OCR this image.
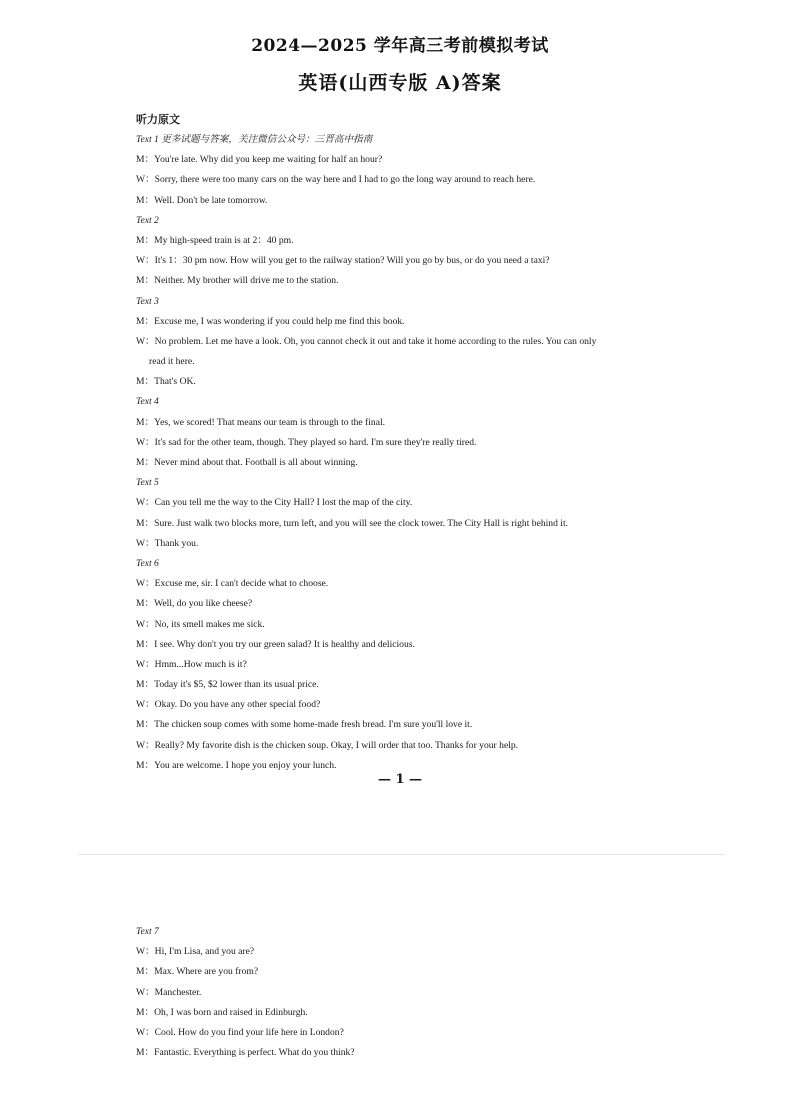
2024—2025 学年高三考前模拟考试
英语(山西专版 A)答案
听力原文
Text 1 更多试题与答案，关注微信公众号：三晋高中指南
M：You're late. Why did you keep me waiting for half an hour?
W：Sorry, there were too many cars on the way here and I had to go the long way around to reach here.
M：Well. Don't be late tomorrow.
Text 2
M：My high-speed train is at 2：40 pm.
W：It's 1：30 pm now. How will you get to the railway station? Will you go by bus, or do you need a taxi?
M：Neither. My brother will drive me to the station.
Text 3
M：Excuse me, I was wondering if you could help me find this book.
W：No problem. Let me have a look. Oh, you cannot check it out and take it home according to the rules. You can only
read it here.
M：That's OK.
Text 4
M：Yes, we scored! That means our team is through to the final.
W：It's sad for the other team, though. They played so hard. I'm sure they're really tired.
M：Never mind about that. Football is all about winning.
Text 5
W：Can you tell me the way to the City Hall? I lost the map of the city.
M：Sure. Just walk two blocks more, turn left, and you will see the clock tower. The City Hall is right behind it.
W：Thank you.
Text 6
W：Excuse me, sir. I can't decide what to choose.
M：Well, do you like cheese?
W：No, its smell makes me sick.
M：I see. Why don't you try our green salad? It is healthy and delicious.
W：Hmm...How much is it?
M：Today it's $5, $2 lower than its usual price.
W：Okay. Do you have any other special food?
M：The chicken soup comes with some home-made fresh bread. I'm sure you'll love it.
W：Really? My favorite dish is the chicken soup. Okay, I will order that too. Thanks for your help.
M：You are welcome. I hope you enjoy your lunch.
— 1 —
Text 7
W：Hi, I'm Lisa, and you are?
M：Max. Where are you from?
W：Manchester.
M：Oh, I was born and raised in Edinburgh.
W：Cool. How do you find your life here in London?
M：Fantastic. Everything is perfect. What do you think?
